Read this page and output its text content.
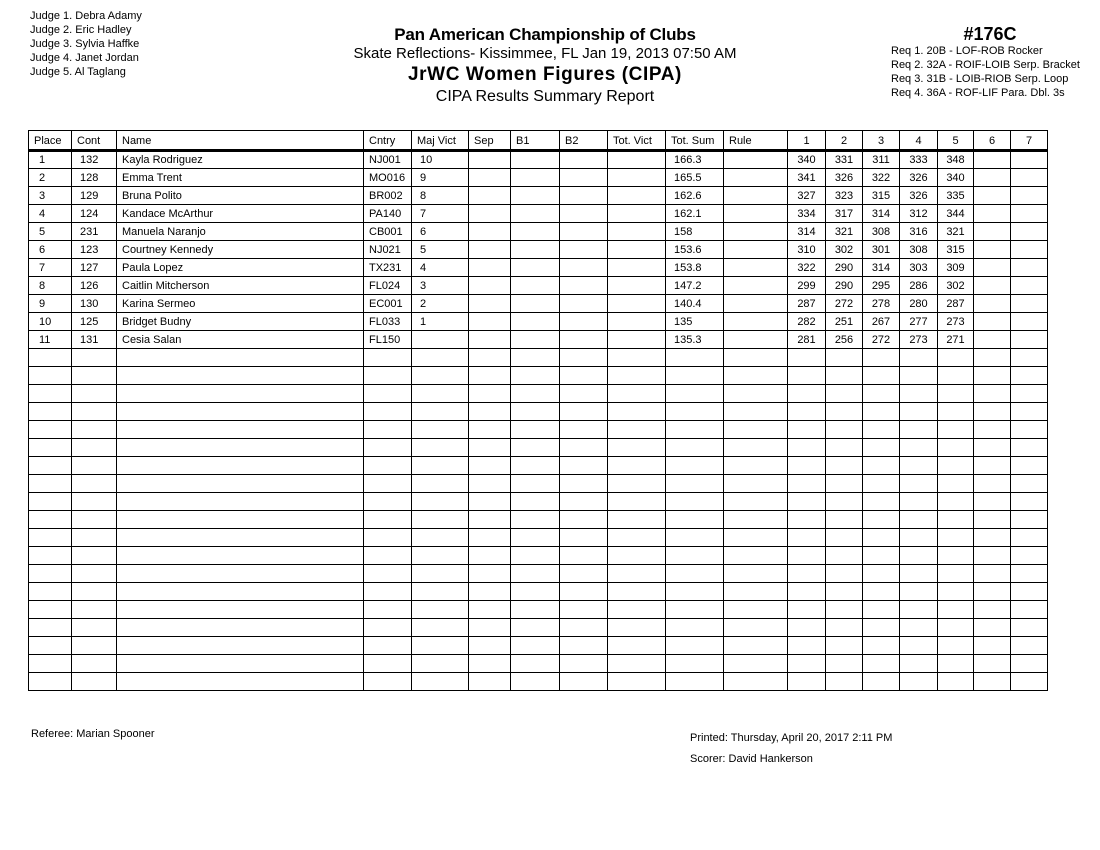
Judge 1. Debra Adamy
Judge 2. Eric Hadley
Judge 3. Sylvia Haffke
Judge 4. Janet Jordan
Judge 5. Al Taglang
Pan American Championship of Clubs
Skate Reflections- Kissimmee, FL Jan 19, 2013 07:50 AM
JrWC Women Figures (CIPA)
CIPA Results Summary Report
#176C
Req 1. 20B - LOF-ROB Rocker
Req 2. 32A - ROIF-LOIB Serp. Bracket
Req 3. 31B - LOIB-RIOB Serp. Loop
Req 4. 36A - ROF-LIF Para. Dbl. 3s
Place	Cont	Name	Cntry	Maj Vict	Sep	B1	B2	Tot. Vict	Tot. Sum	Rule	1	2	3	4	5	6	7
1	132	Kayla Rodriguez	NJ001	10					166.3		340	331	311	333	348		
2	128	Emma Trent	MO016	9					165.5		341	326	322	326	340		
3	129	Bruna Polito	BR002	8					162.6		327	323	315	326	335		
4	124	Kandace McArthur	PA140	7					162.1		334	317	314	312	344		
5	231	Manuela Naranjo	CB001	6					158		314	321	308	316	321		
6	123	Courtney Kennedy	NJ021	5					153.6		310	302	301	308	315		
7	127	Paula Lopez	TX231	4					153.8		322	290	314	303	309		
8	126	Caitlin Mitcherson	FL024	3					147.2		299	290	295	286	302		
9	130	Karina Sermeo	EC001	2					140.4		287	272	278	280	287		
10	125	Bridget Budny	FL033	1					135		282	251	267	277	273		
11	131	Cesia Salan	FL150						135.3		281	256	272	273	271		

Referee: Marian Spooner	Printed: Thursday, April 20, 2017 2:11 PM
Scorer: David Hankerson
